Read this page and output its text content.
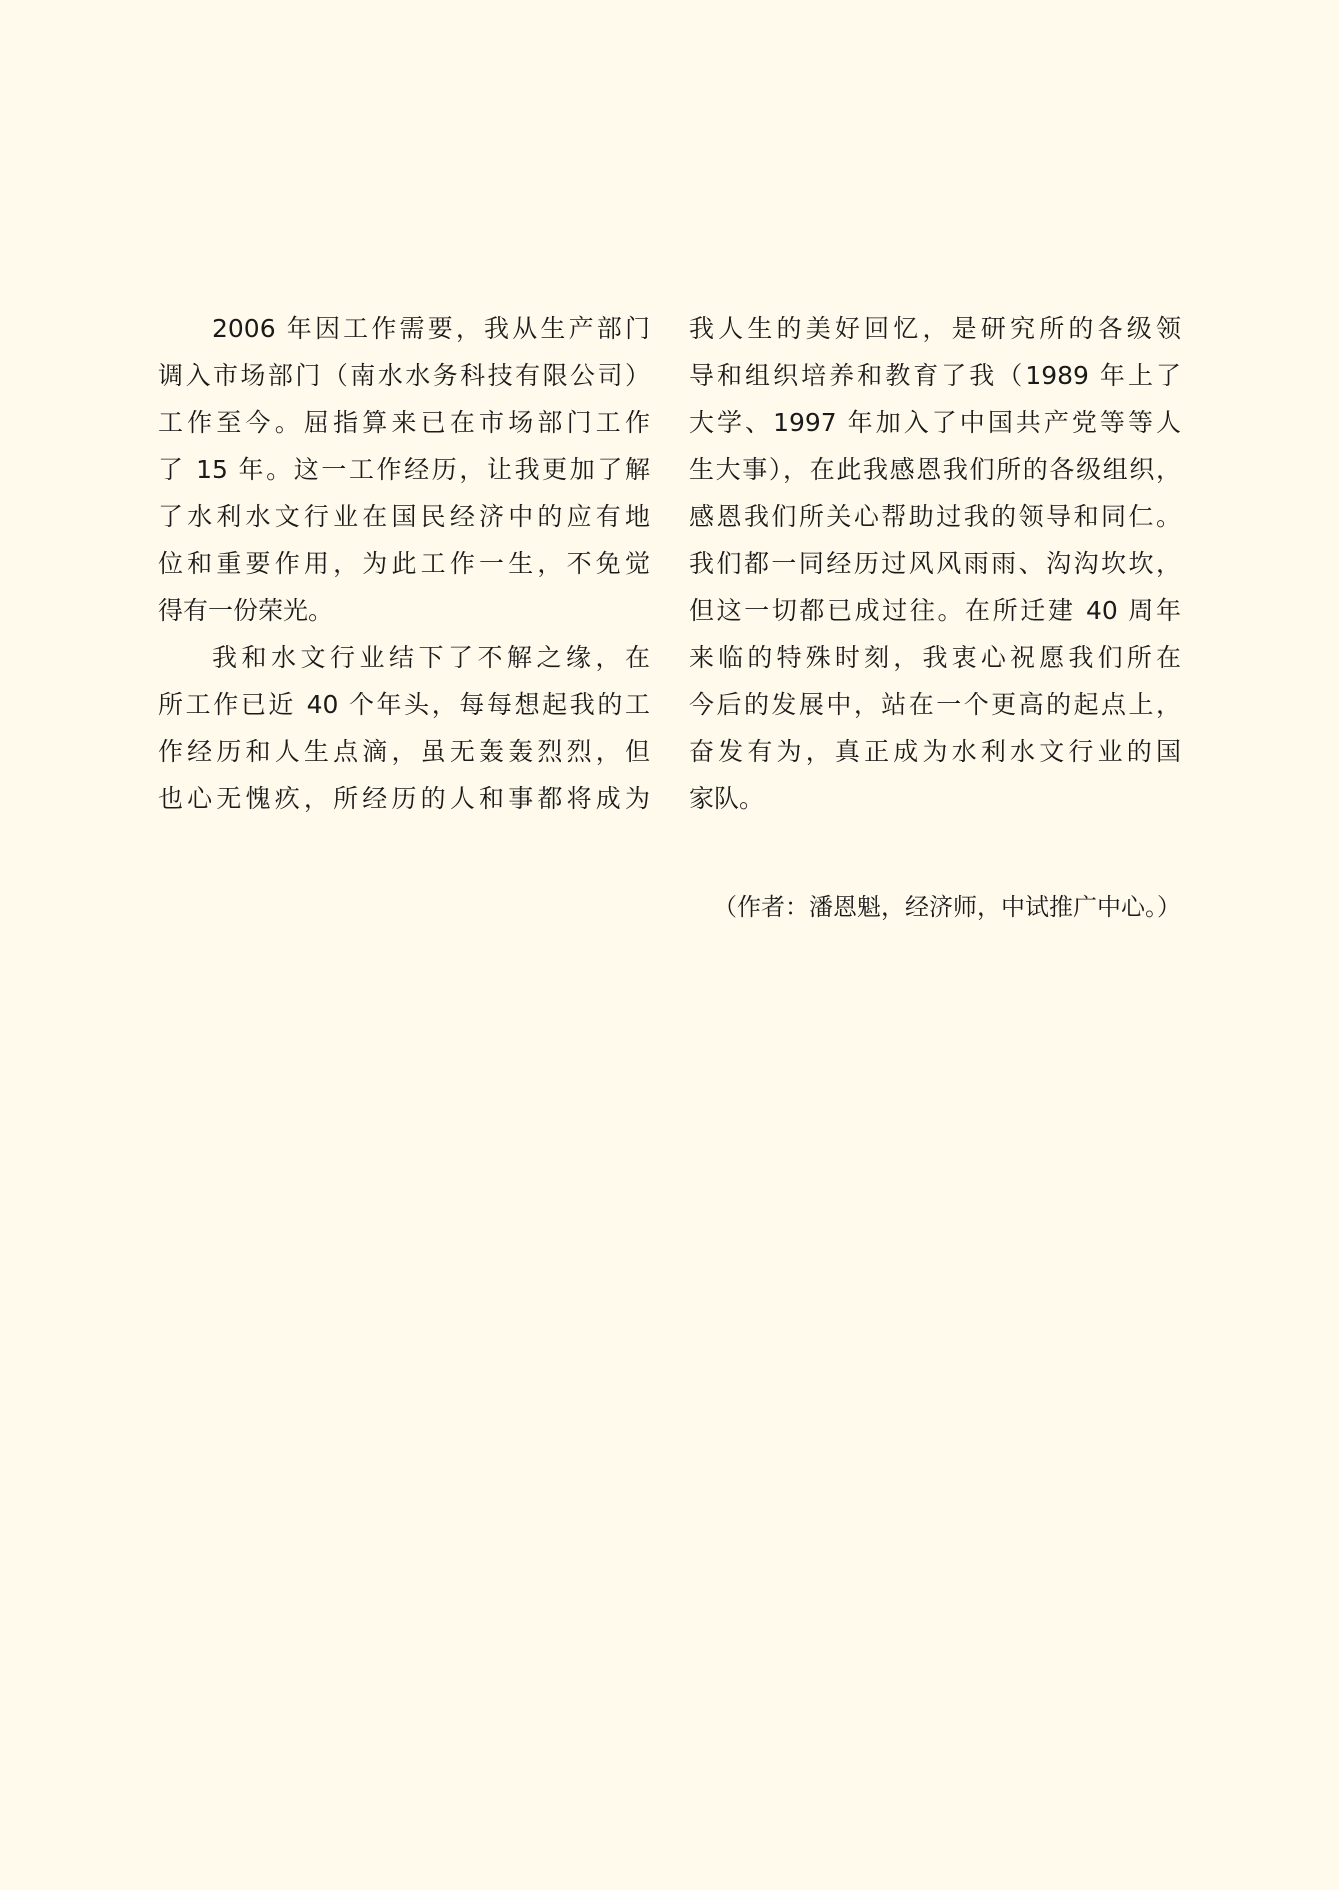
2006 年因工作需要，我从生产部门
调入市场部门（南水水务科技有限公司）
工作至今。屈指算来已在市场部门工作
了 15 年。这一工作经历，让我更加了解
了水利水文行业在国民经济中的应有地
位和重要作用，为此工作一生，不免觉
得有一份荣光。
我和水文行业结下了不解之缘，在
所工作已近 40 个年头，每每想起我的工
作经历和人生点滴，虽无轰轰烈烈，但
也心无愧疚，所经历的人和事都将成为
我人生的美好回忆，是研究所的各级领
导和组织培养和教育了我（1989 年上了
大学、1997 年加入了中国共产党等等人
生大事），在此我感恩我们所的各级组织，
感恩我们所关心帮助过我的领导和同仁。
我们都一同经历过风风雨雨、沟沟坎坎，
但这一切都已成过往。在所迁建 40 周年
来临的特殊时刻，我衷心祝愿我们所在
今后的发展中，站在一个更高的起点上，
奋发有为，真正成为水利水文行业的国
家队。
（作者：潘恩魁，经济师，中试推广中心。）
